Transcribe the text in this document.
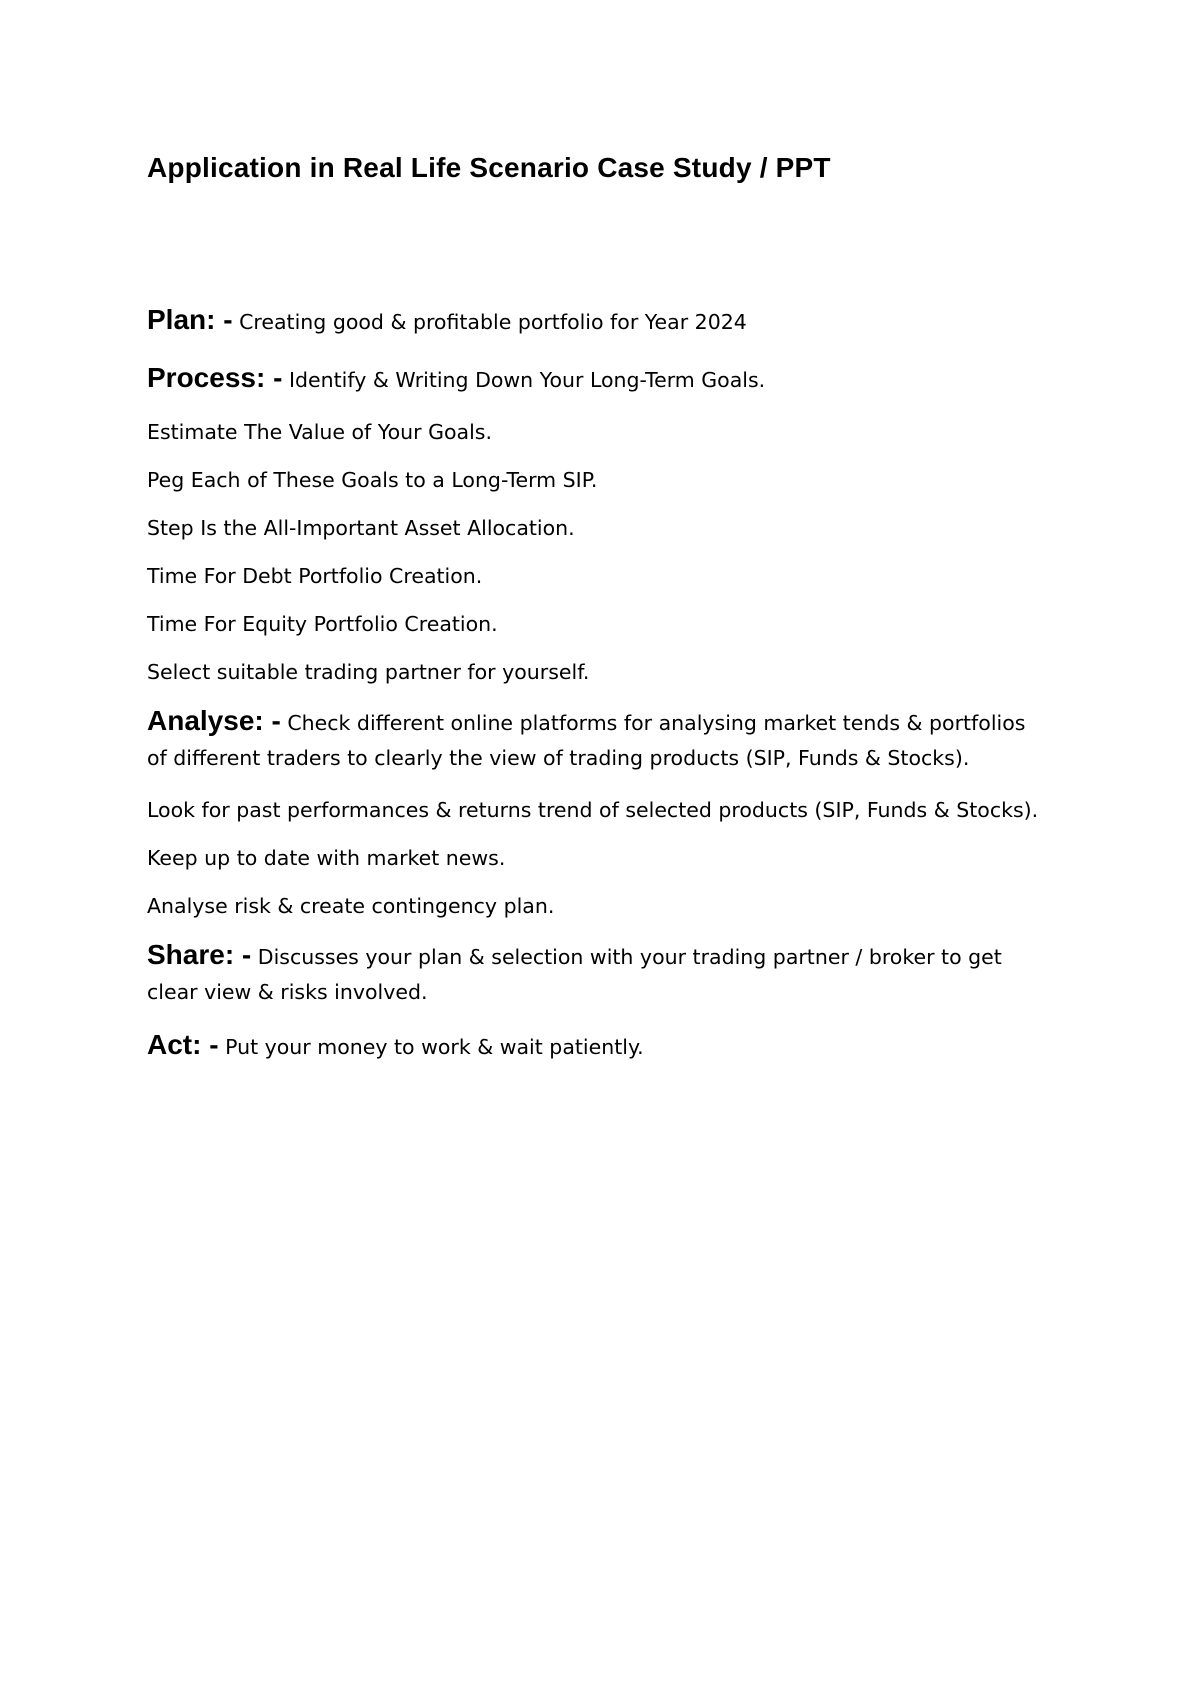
Application in Real Life Scenario Case Study / PPT

Plan: - Creating good & profitable portfolio for Year 2024

Process: - Identify & Writing Down Your Long-Term Goals.

Estimate The Value of Your Goals.

Peg Each of These Goals to a Long-Term SIP.

Step Is the All-Important Asset Allocation.

Time For Debt Portfolio Creation.

Time For Equity Portfolio Creation.

Select suitable trading partner for yourself.

Analyse: - Check different online platforms for analysing market tends & portfolios of different traders to clearly the view of trading products (SIP, Funds & Stocks).

Look for past performances & returns trend of selected products (SIP, Funds & Stocks).

Keep up to date with market news.

Analyse risk & create contingency plan.

Share: - Discusses your plan & selection with your trading partner / broker to get clear view & risks involved.

Act: - Put your money to work & wait patiently.
